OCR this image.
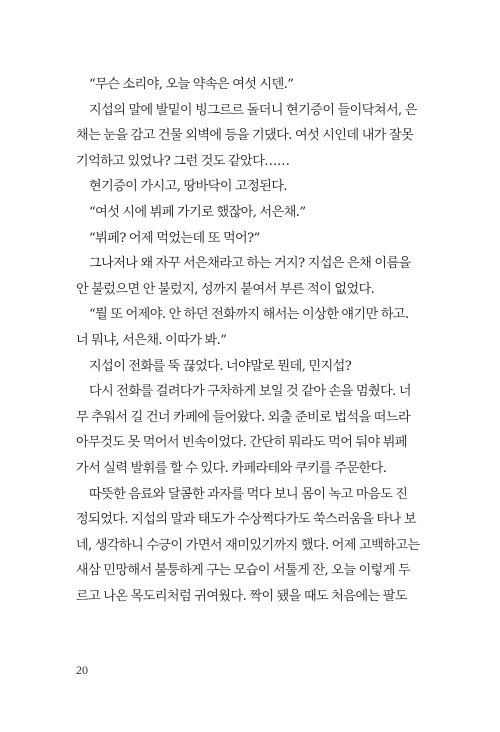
“무슨 소리야, 오늘 약속은 여섯 시덴.”
지섭의 말에 발밑이 빙그르르 돌더니 현기증이 들이닥쳐서, 은
채는 눈을 감고 건물 외벽에 등을 기댔다. 여섯 시인데 내가 잘못
기억하고 있었나? 그런 것도 같았다……
현기증이 가시고, 땅바닥이 고정된다.
“여섯 시에 뷔페 가기로 했잖아, 서은채.”
“뷔페? 어제 먹었는데 또 먹어?”
그나저나 왜 자꾸 서은채라고 하는 거지? 지섭은 은채 이름을
안 불렀으면 안 불렀지, 성까지 붙여서 부른 적이 없었다.
“뭘 또 어제야. 안 하던 전화까지 해서는 이상한 얘기만 하고.
너 뭐냐, 서은채. 이따가 봐.”
지섭이 전화를 뚝 끊었다. 너야말로 뭔데, 민지섭?
다시 전화를 걸려다가 구차하게 보일 것 같아 손을 멈췄다. 너
무 추워서 길 건너 카페에 들어왔다. 외출 준비로 법석을 떠느라
아무것도 못 먹어서 빈속이었다. 간단히 뭐라도 먹어 둬야 뷔페
가서 실력 발휘를 할 수 있다. 카페라테와 쿠키를 주문한다.
따뜻한 음료와 달콤한 과자를 먹다 보니 몸이 녹고 마음도 진
정되었다. 지섭의 말과 태도가 수상쩍다가도 쑥스러움을 타나 보
네, 생각하니 수긍이 가면서 재미있기까지 했다. 어제 고백하고는
새삼 민망해서 불퉁하게 구는 모습이 서툴게 잔, 오늘 이렇게 두
르고 나온 목도리처럼 귀여웠다. 짝이 됐을 때도 처음에는 팔도
20
